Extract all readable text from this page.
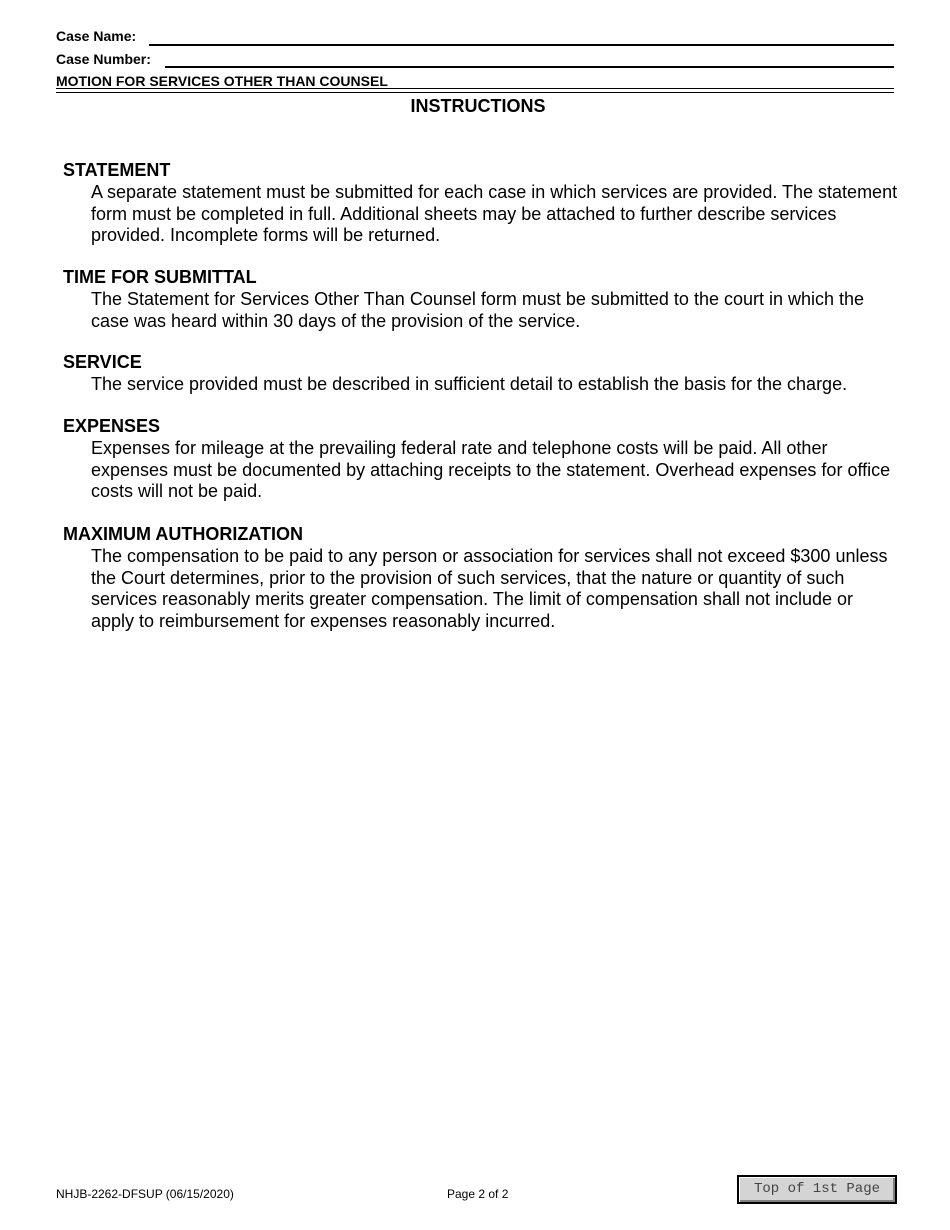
Case Name:
Case Number:
MOTION FOR SERVICES OTHER THAN COUNSEL
INSTRUCTIONS

STATEMENT

A separate statement must be submitted for each case in which services are provided. The statement form must be completed in full. Additional sheets may be attached to further describe services provided. Incomplete forms will be returned.

TIME FOR SUBMITTAL

The Statement for Services Other Than Counsel form must be submitted to the court in which the case was heard within 30 days of the provision of the service.

SERVICE

The service provided must be described in sufficient detail to establish the basis for the charge.

EXPENSES

Expenses for mileage at the prevailing federal rate and telephone costs will be paid. All other expenses must be documented by attaching receipts to the statement. Overhead expenses for office costs will not be paid.

MAXIMUM AUTHORIZATION

The compensation to be paid to any person or association for services shall not exceed $300 unless the Court determines, prior to the provision of such services, that the nature or quantity of such services reasonably merits greater compensation. The limit of compensation shall not include or apply to reimbursement for expenses reasonably incurred.

NHJB-2262-DFSUP (06/15/2020)	Page 2 of 2	Top of 1st Page
